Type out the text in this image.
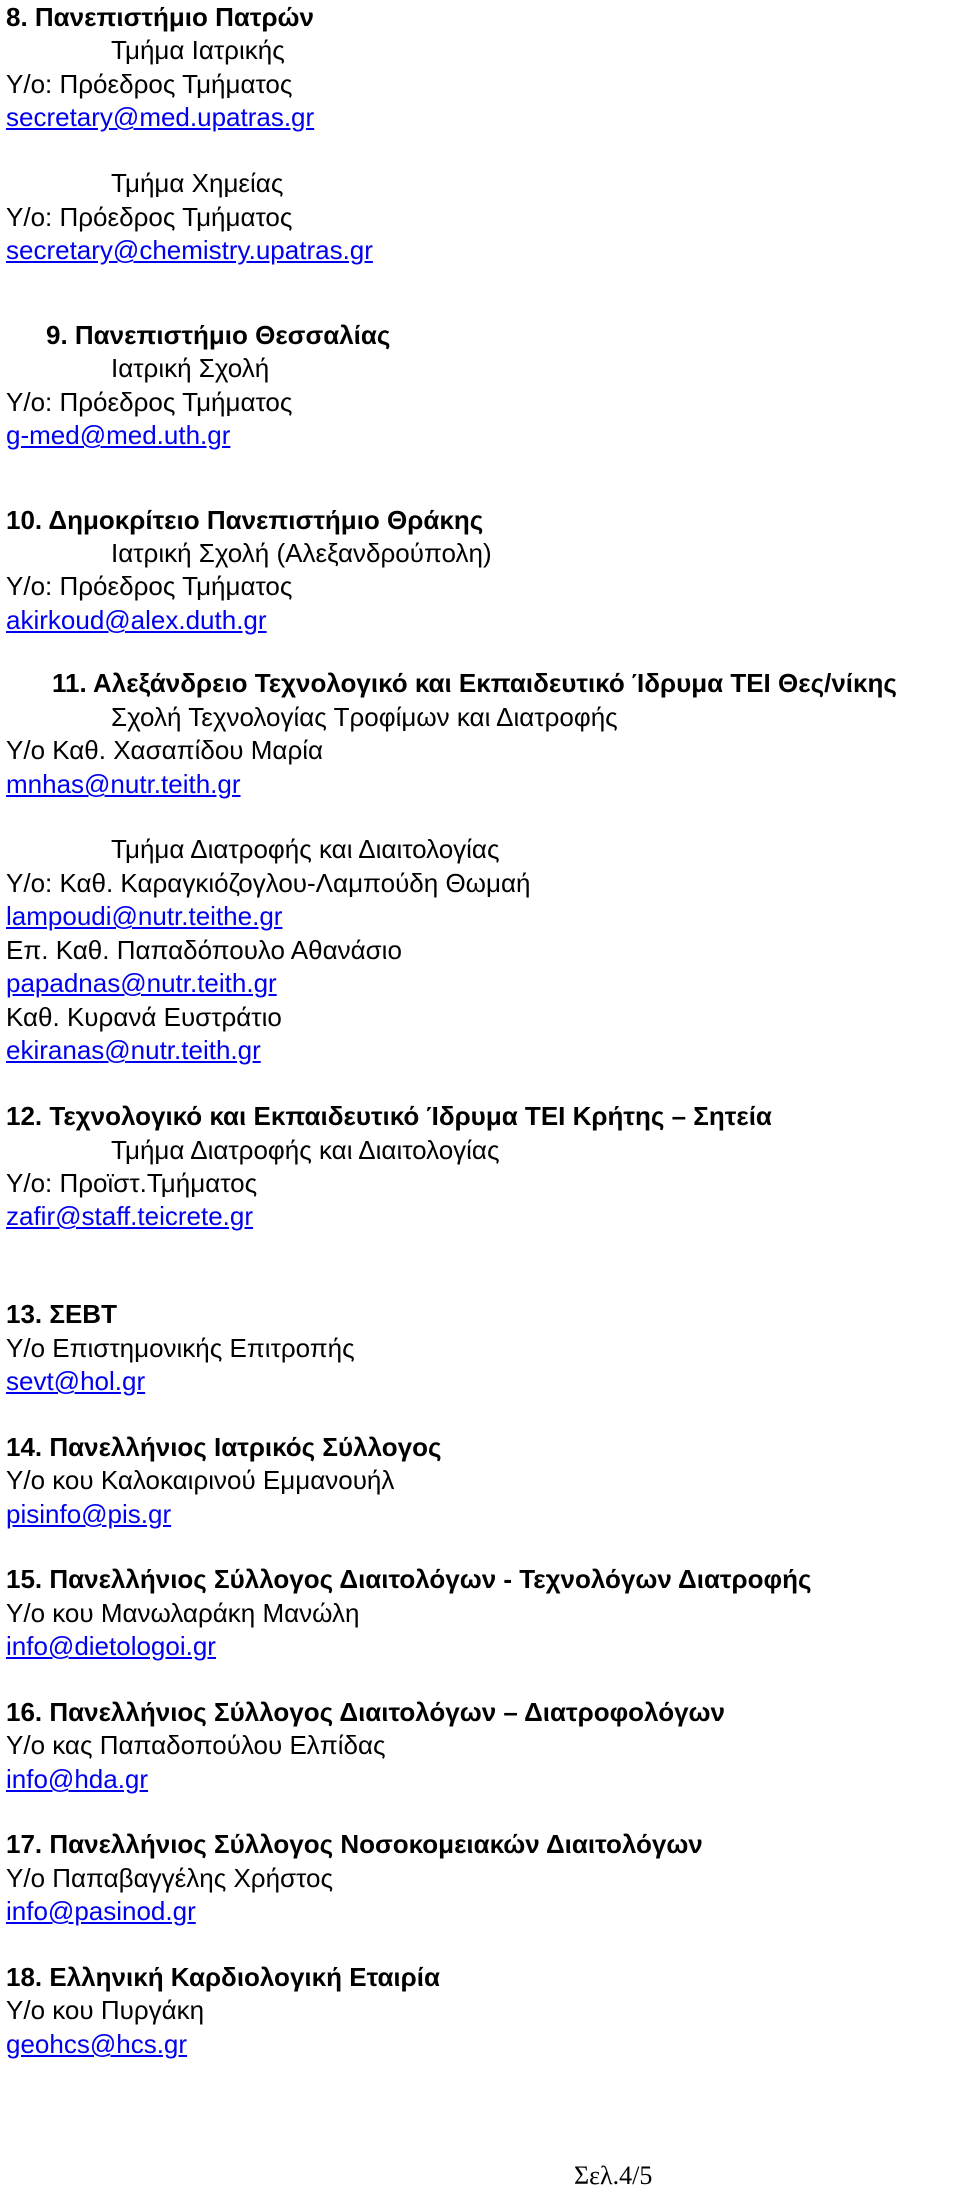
8. Πανεπιστήμιο Πατρών
Τμήμα Ιατρικής
Υ/ο: Πρόεδρος Τμήματος
secretary@med.upatras.gr
Τμήμα Χημείας
Υ/ο: Πρόεδρος Τμήματος
secretary@chemistry.upatras.gr
9. Πανεπιστήμιο Θεσσαλίας
Ιατρική Σχολή
Υ/ο: Πρόεδρος Τμήματος
g-med@med.uth.gr
10. Δημοκρίτειο Πανεπιστήμιο Θράκης
Ιατρική Σχολή (Αλεξανδρούπολη)
Υ/ο: Πρόεδρος Τμήματος
akirkoud@alex.duth.gr
11. Αλεξάνδρειο Τεχνολογικό και Εκπαιδευτικό Ίδρυμα ΤΕΙ Θες/νίκης
Σχολή Τεχνολογίας Τροφίμων και Διατροφής
Υ/ο Καθ. Χασαπίδου Μαρία
mnhas@nutr.teith.gr
Τμήμα Διατροφής και Διαιτολογίας
Υ/ο: Καθ. Καραγκιόζογλου-Λαμπούδη Θωμαή
lampoudi@nutr.teithe.gr
Επ. Καθ. Παπαδόπουλο Αθανάσιο
papadnas@nutr.teith.gr
Καθ. Κυρανά Ευστράτιο
ekiranas@nutr.teith.gr
12. Τεχνολογικό και Εκπαιδευτικό Ίδρυμα ΤΕΙ Κρήτης – Σητεία
Τμήμα Διατροφής και Διαιτολογίας
Υ/ο: Προϊστ.Τμήματος
zafir@staff.teicrete.gr
13. ΣΕΒΤ
Υ/ο Επιστημονικής Επιτροπής
sevt@hol.gr
14. Πανελλήνιος Ιατρικός Σύλλογος
Υ/ο κου Καλοκαιρινού Εμμανουήλ
pisinfo@pis.gr
15. Πανελλήνιος Σύλλογος Διαιτολόγων - Τεχνολόγων Διατροφής
Υ/ο κου Μανωλαράκη Μανώλη
info@dietologoi.gr
16. Πανελλήνιος Σύλλογος Διαιτολόγων – Διατροφολόγων
Υ/ο κας Παπαδοπούλου Ελπίδας
info@hda.gr
17. Πανελλήνιος Σύλλογος Νοσοκομειακών Διαιτολόγων
Υ/ο Παπαβαγγέλης Χρήστος
info@pasinod.gr
18. Ελληνική Καρδιολογική Εταιρία
Υ/ο κου Πυργάκη
geohcs@hcs.gr
Σελ.4/5
